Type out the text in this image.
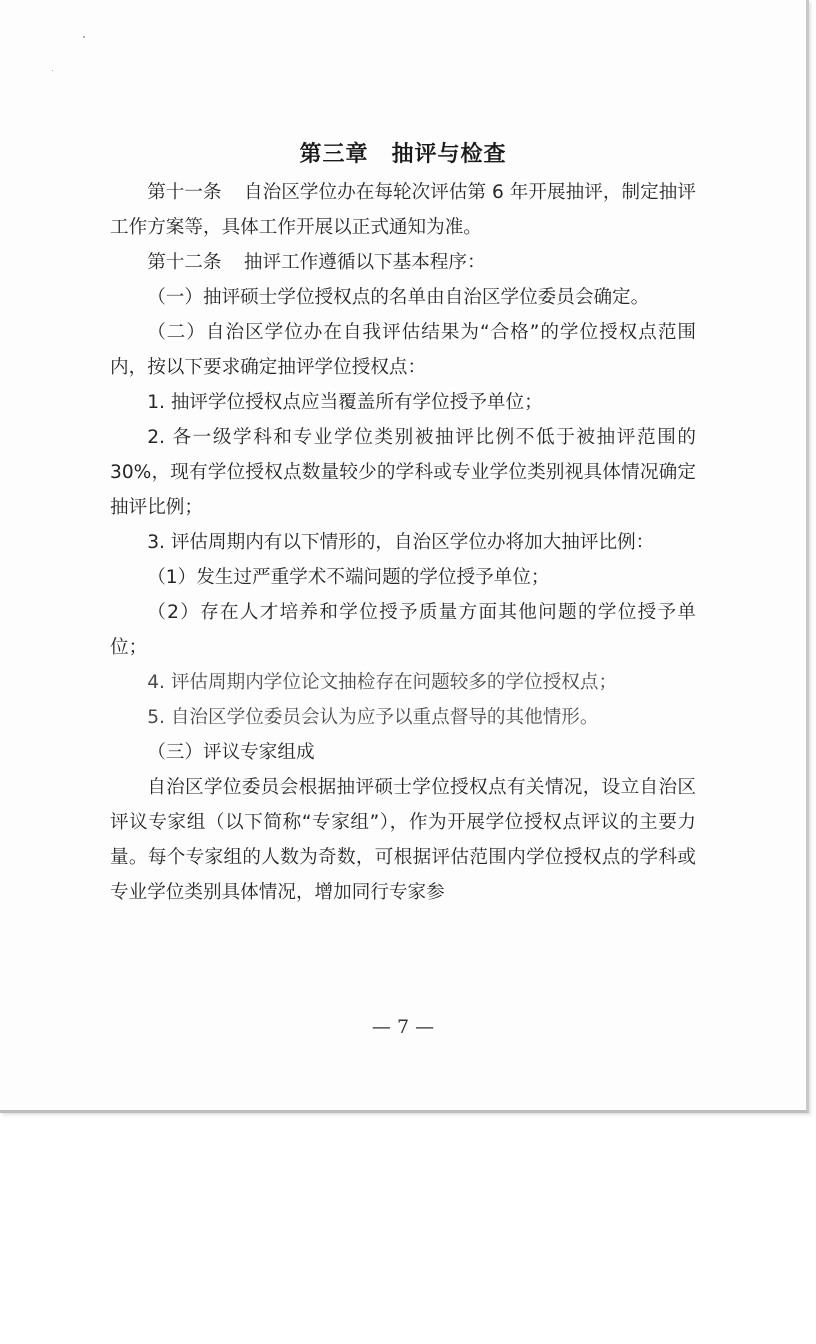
第三章　抽评与检查

第十一条 自治区学位办在每轮次评估第 6 年开展抽评，制定抽评工作方案等，具体工作开展以正式通知为准。

第十二条 抽评工作遵循以下基本程序：

（一）抽评硕士学位授权点的名单由自治区学位委员会确定。

（二）自治区学位办在自我评估结果为“合格”的学位授权点范围内，按以下要求确定抽评学位授权点：

1. 抽评学位授权点应当覆盖所有学位授予单位；

2. 各一级学科和专业学位类别被抽评比例不低于被抽评范围的 30%，现有学位授权点数量较少的学科或专业学位类别视具体情况确定抽评比例；

3. 评估周期内有以下情形的，自治区学位办将加大抽评比例：

（1）发生过严重学术不端问题的学位授予单位；

（2）存在人才培养和学位授予质量方面其他问题的学位授予单位；

4. 评估周期内学位论文抽检存在问题较多的学位授权点；

5. 自治区学位委员会认为应予以重点督导的其他情形。

（三）评议专家组成

自治区学位委员会根据抽评硕士学位授权点有关情况，设立自治区评议专家组（以下简称“专家组”），作为开展学位授权点评议的主要力量。每个专家组的人数为奇数，可根据评估范围内学位授权点的学科或专业学位类别具体情况，增加同行专家参

— 7 —
